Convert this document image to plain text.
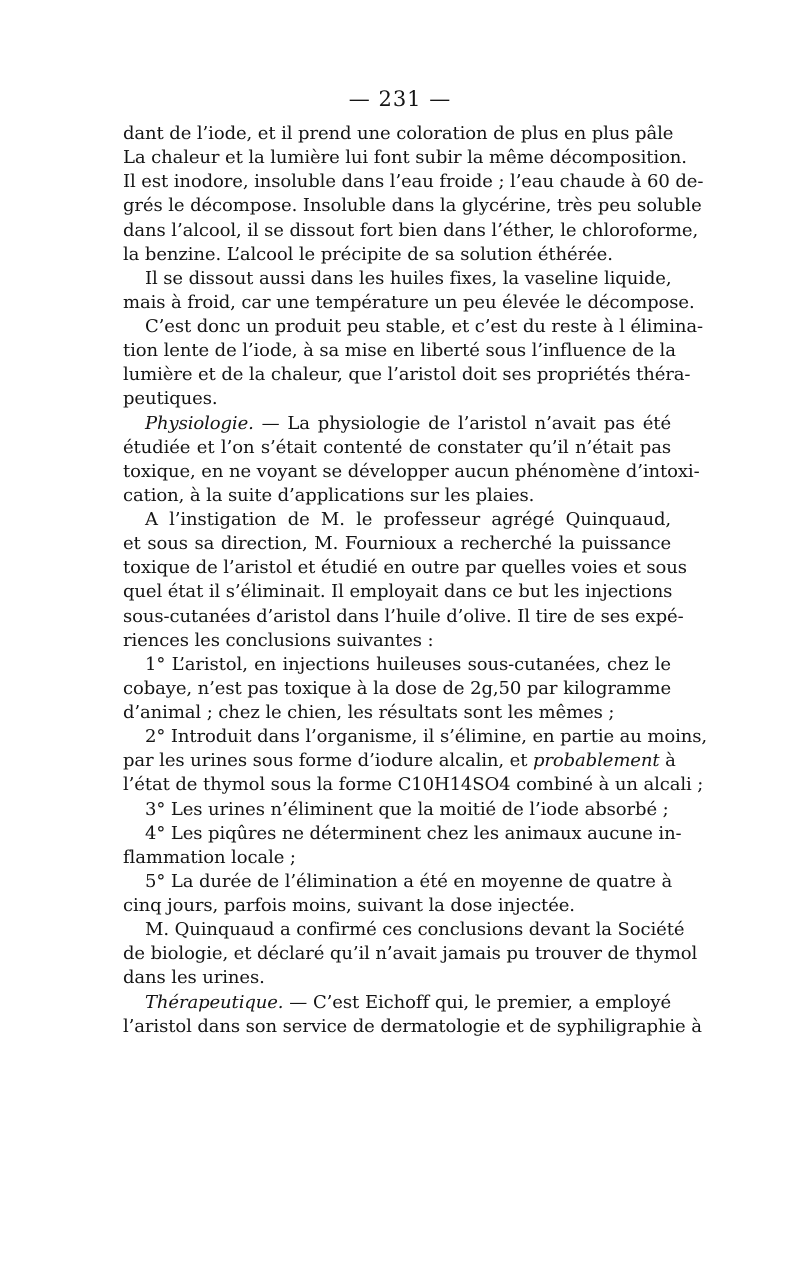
— 231 —
dant de l’iode, et il prend une coloration de plus en plus pâle
La chaleur et la lumière lui font subir la même décomposition.
Il est inodore, insoluble dans l’eau froide ; l’eau chaude à 60 de-
grés le décompose. Insoluble dans la glycérine, très peu soluble
dans l’alcool, il se dissout fort bien dans l’éther, le chloroforme,
la benzine. L’alcool le précipite de sa solution éthérée.
Il se dissout aussi dans les huiles fixes, la vaseline liquide,
mais à froid, car une température un peu élevée le décompose.
C’est donc un produit peu stable, et c’est du reste à l élimina-
tion lente de l’iode, à sa mise en liberté sous l’influence de la
lumière et de la chaleur, que l’aristol doit ses propriétés théra-
peutiques.
Physiologie. — La physiologie de l’aristol n’avait pas été
étudiée et l’on s’était contenté de constater qu’il n’était pas
toxique, en ne voyant se développer aucun phénomène d’intoxi-
cation, à la suite d’applications sur les plaies.
A l’instigation de M. le professeur agrégé Quinquaud,
et sous sa direction, M. Fournioux a recherché la puissance
toxique de l’aristol et étudié en outre par quelles voies et sous
quel état il s’éliminait. Il employait dans ce but les injections
sous-cutanées d’aristol dans l’huile d’olive. Il tire de ses expé-
riences les conclusions suivantes :
1° L’aristol, en injections huileuses sous-cutanées, chez le
cobaye, n’est pas toxique à la dose de 2g,50 par kilogramme
d’animal ; chez le chien, les résultats sont les mêmes ;
2° Introduit dans l’organisme, il s’élimine, en partie au moins,
par les urines sous forme d’iodure alcalin, et probablement à
l’état de thymol sous la forme C10H14SO4 combiné à un alcali ;
3° Les urines n’éliminent que la moitié de l’iode absorbé ;
4° Les piqûres ne déterminent chez les animaux aucune in-
flammation locale ;
5° La durée de l’élimination a été en moyenne de quatre à
cinq jours, parfois moins, suivant la dose injectée.
M. Quinquaud a confirmé ces conclusions devant la Société
de biologie, et déclaré qu’il n’avait jamais pu trouver de thymol
dans les urines.
Thérapeutique. — C’est Eichoff qui, le premier, a employé
l’aristol dans son service de dermatologie et de syphiligraphie à
